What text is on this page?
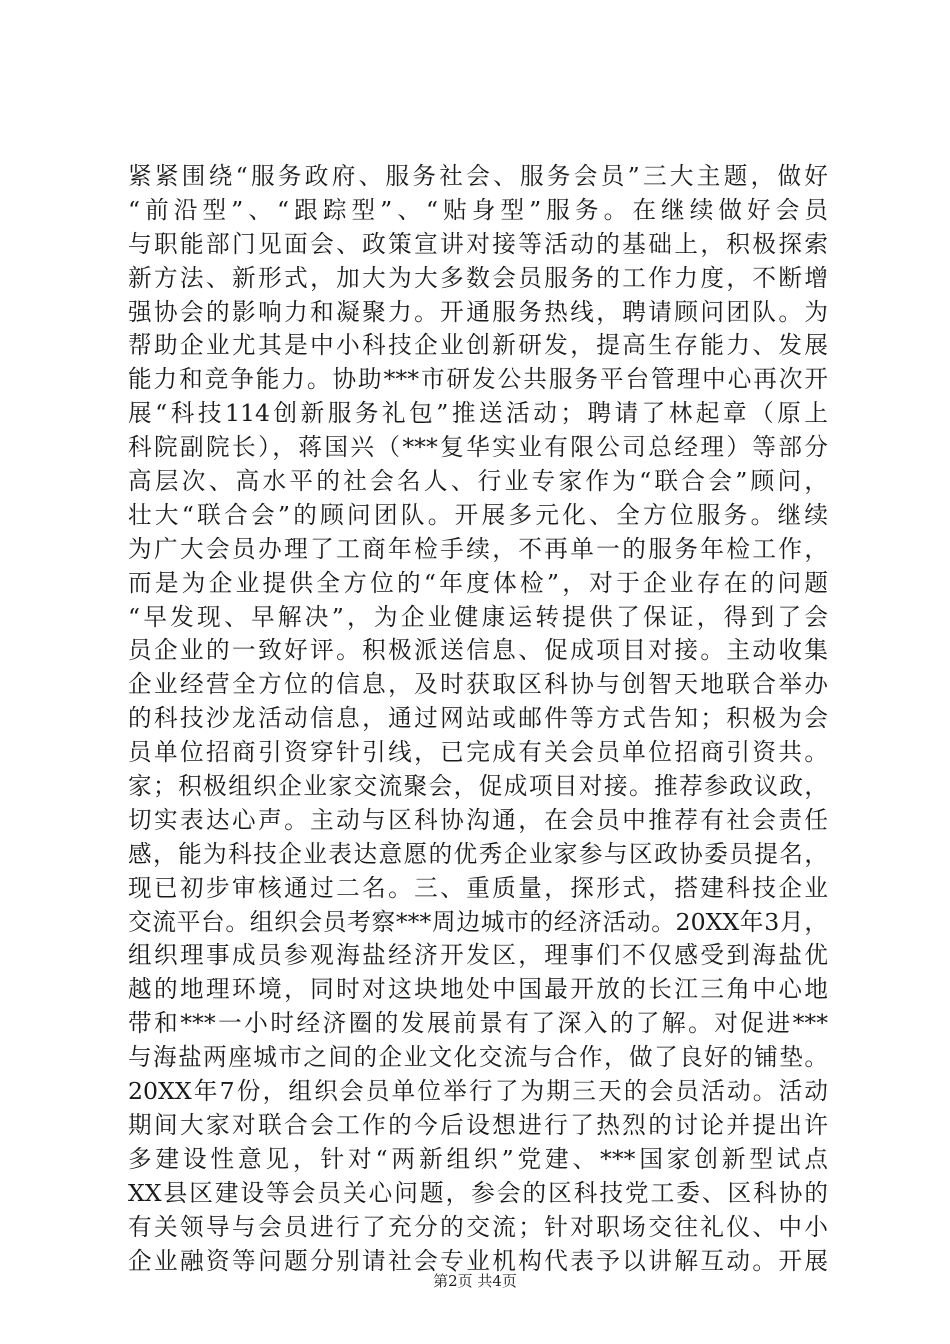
紧紧围绕“服务政府、服务社会、服务会员”三大主题，做好
“前沿型”、“跟踪型”、“贴身型”服务。在继续做好会员
与职能部门见面会、政策宣讲对接等活动的基础上，积极探索
新方法、新形式，加大为大多数会员服务的工作力度，不断增
强协会的影响力和凝聚力。开通服务热线，聘请顾问团队。为
帮助企业尤其是中小科技企业创新研发，提高生存能力、发展
能力和竞争能力。协助***市研发公共服务平台管理中心再次开
展“科技114创新服务礼包”推送活动；聘请了林起章（原上
科院副院长），蒋国兴（***复华实业有限公司总经理）等部分
高层次、高水平的社会名人、行业专家作为“联合会”顾问，
壮大“联合会”的顾问团队。开展多元化、全方位服务。继续
为广大会员办理了工商年检手续，不再单一的服务年检工作，
而是为企业提供全方位的“年度体检”，对于企业存在的问题
“早发现、早解决”，为企业健康运转提供了保证，得到了会
员企业的一致好评。积极派送信息、促成项目对接。主动收集
企业经营全方位的信息，及时获取区科协与创智天地联合举办
的科技沙龙活动信息，通过网站或邮件等方式告知；积极为会
员单位招商引资穿针引线，已完成有关会员单位招商引资共。
家；积极组织企业家交流聚会，促成项目对接。推荐参政议政，
切实表达心声。主动与区科协沟通，在会员中推荐有社会责任
感，能为科技企业表达意愿的优秀企业家参与区政协委员提名，
现已初步审核通过二名。三、重质量，探形式，搭建科技企业
交流平台。组织会员考察***周边城市的经济活动。20XX年3月，
组织理事成员参观海盐经济开发区，理事们不仅感受到海盐优
越的地理环境，同时对这块地处中国最开放的长江三角中心地
带和***一小时经济圈的发展前景有了深入的了解。对促进***
与海盐两座城市之间的企业文化交流与合作，做了良好的铺垫。
20XX年7份，组织会员单位举行了为期三天的会员活动。活动
期间大家对联合会工作的今后设想进行了热烈的讨论并提出许
多建设性意见，针对“两新组织”党建、***国家创新型试点
XX县区建设等会员关心问题，参会的区科技党工委、区科协的
有关领导与会员进行了充分的交流；针对职场交往礼仪、中小
企业融资等问题分别请社会专业机构代表予以讲解互动。开展
第2页 共4页
